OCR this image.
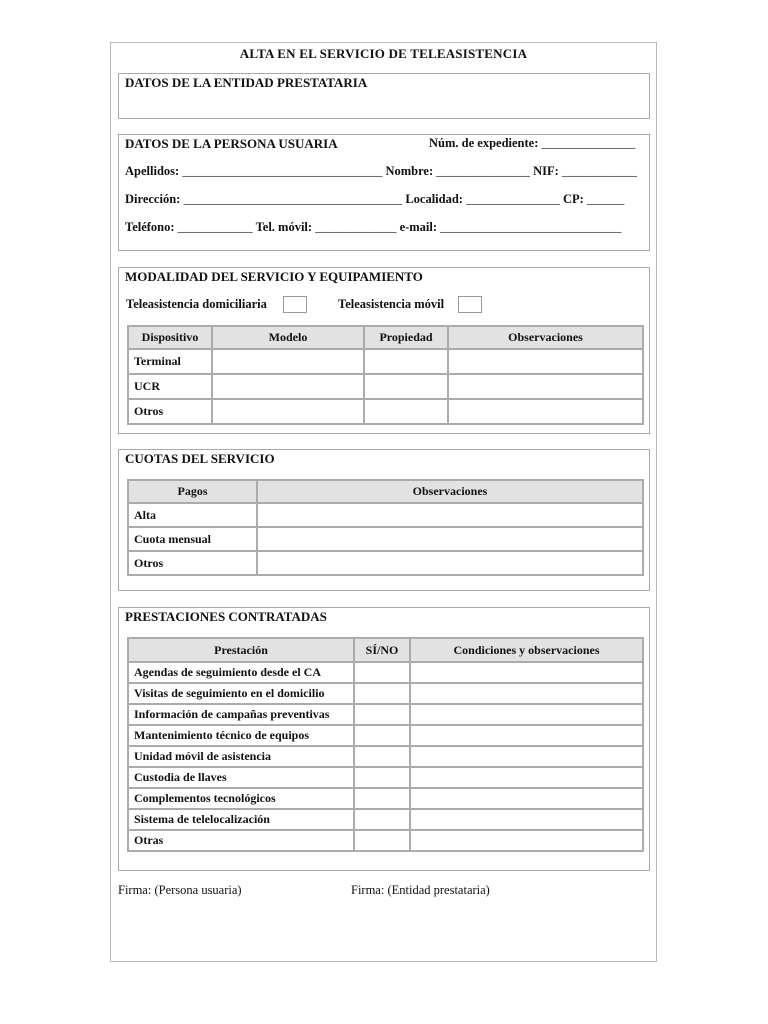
ALTA EN EL SERVICIO DE TELEASISTENCIA
DATOS DE LA ENTIDAD PRESTATARIA
DATOS DE LA PERSONA USUARIA	Núm. de expediente: _______________
Apellidos: ________________________________ Nombre: _______________ NIF: ____________
Dirección: ___________________________________ Localidad: _______________ CP: ______
Teléfono: ____________ Tel. móvil: _____________ e-mail: _____________________________
MODALIDAD DEL SERVICIO Y EQUIPAMIENTO
Teleasistencia domiciliaria	Teleasistencia móvil
Dispositivo	Modelo	Propiedad	Observaciones
Terminal			
UCR			
Otros			
CUOTAS DEL SERVICIO
Pagos	Observaciones
Alta	
Cuota mensual	
Otros	
PRESTACIONES CONTRATADAS
Prestación	SÍ/NO	Condiciones y observaciones
Agendas de seguimiento desde el CA		
Visitas de seguimiento en el domicilio		
Información de campañas preventivas		
Mantenimiento técnico de equipos		
Unidad móvil de asistencia		
Custodia de llaves		
Complementos tecnológicos		
Sistema de telelocalización		
Otras		
Firma: (Persona usuaria)	Firma: (Entidad prestataria)
